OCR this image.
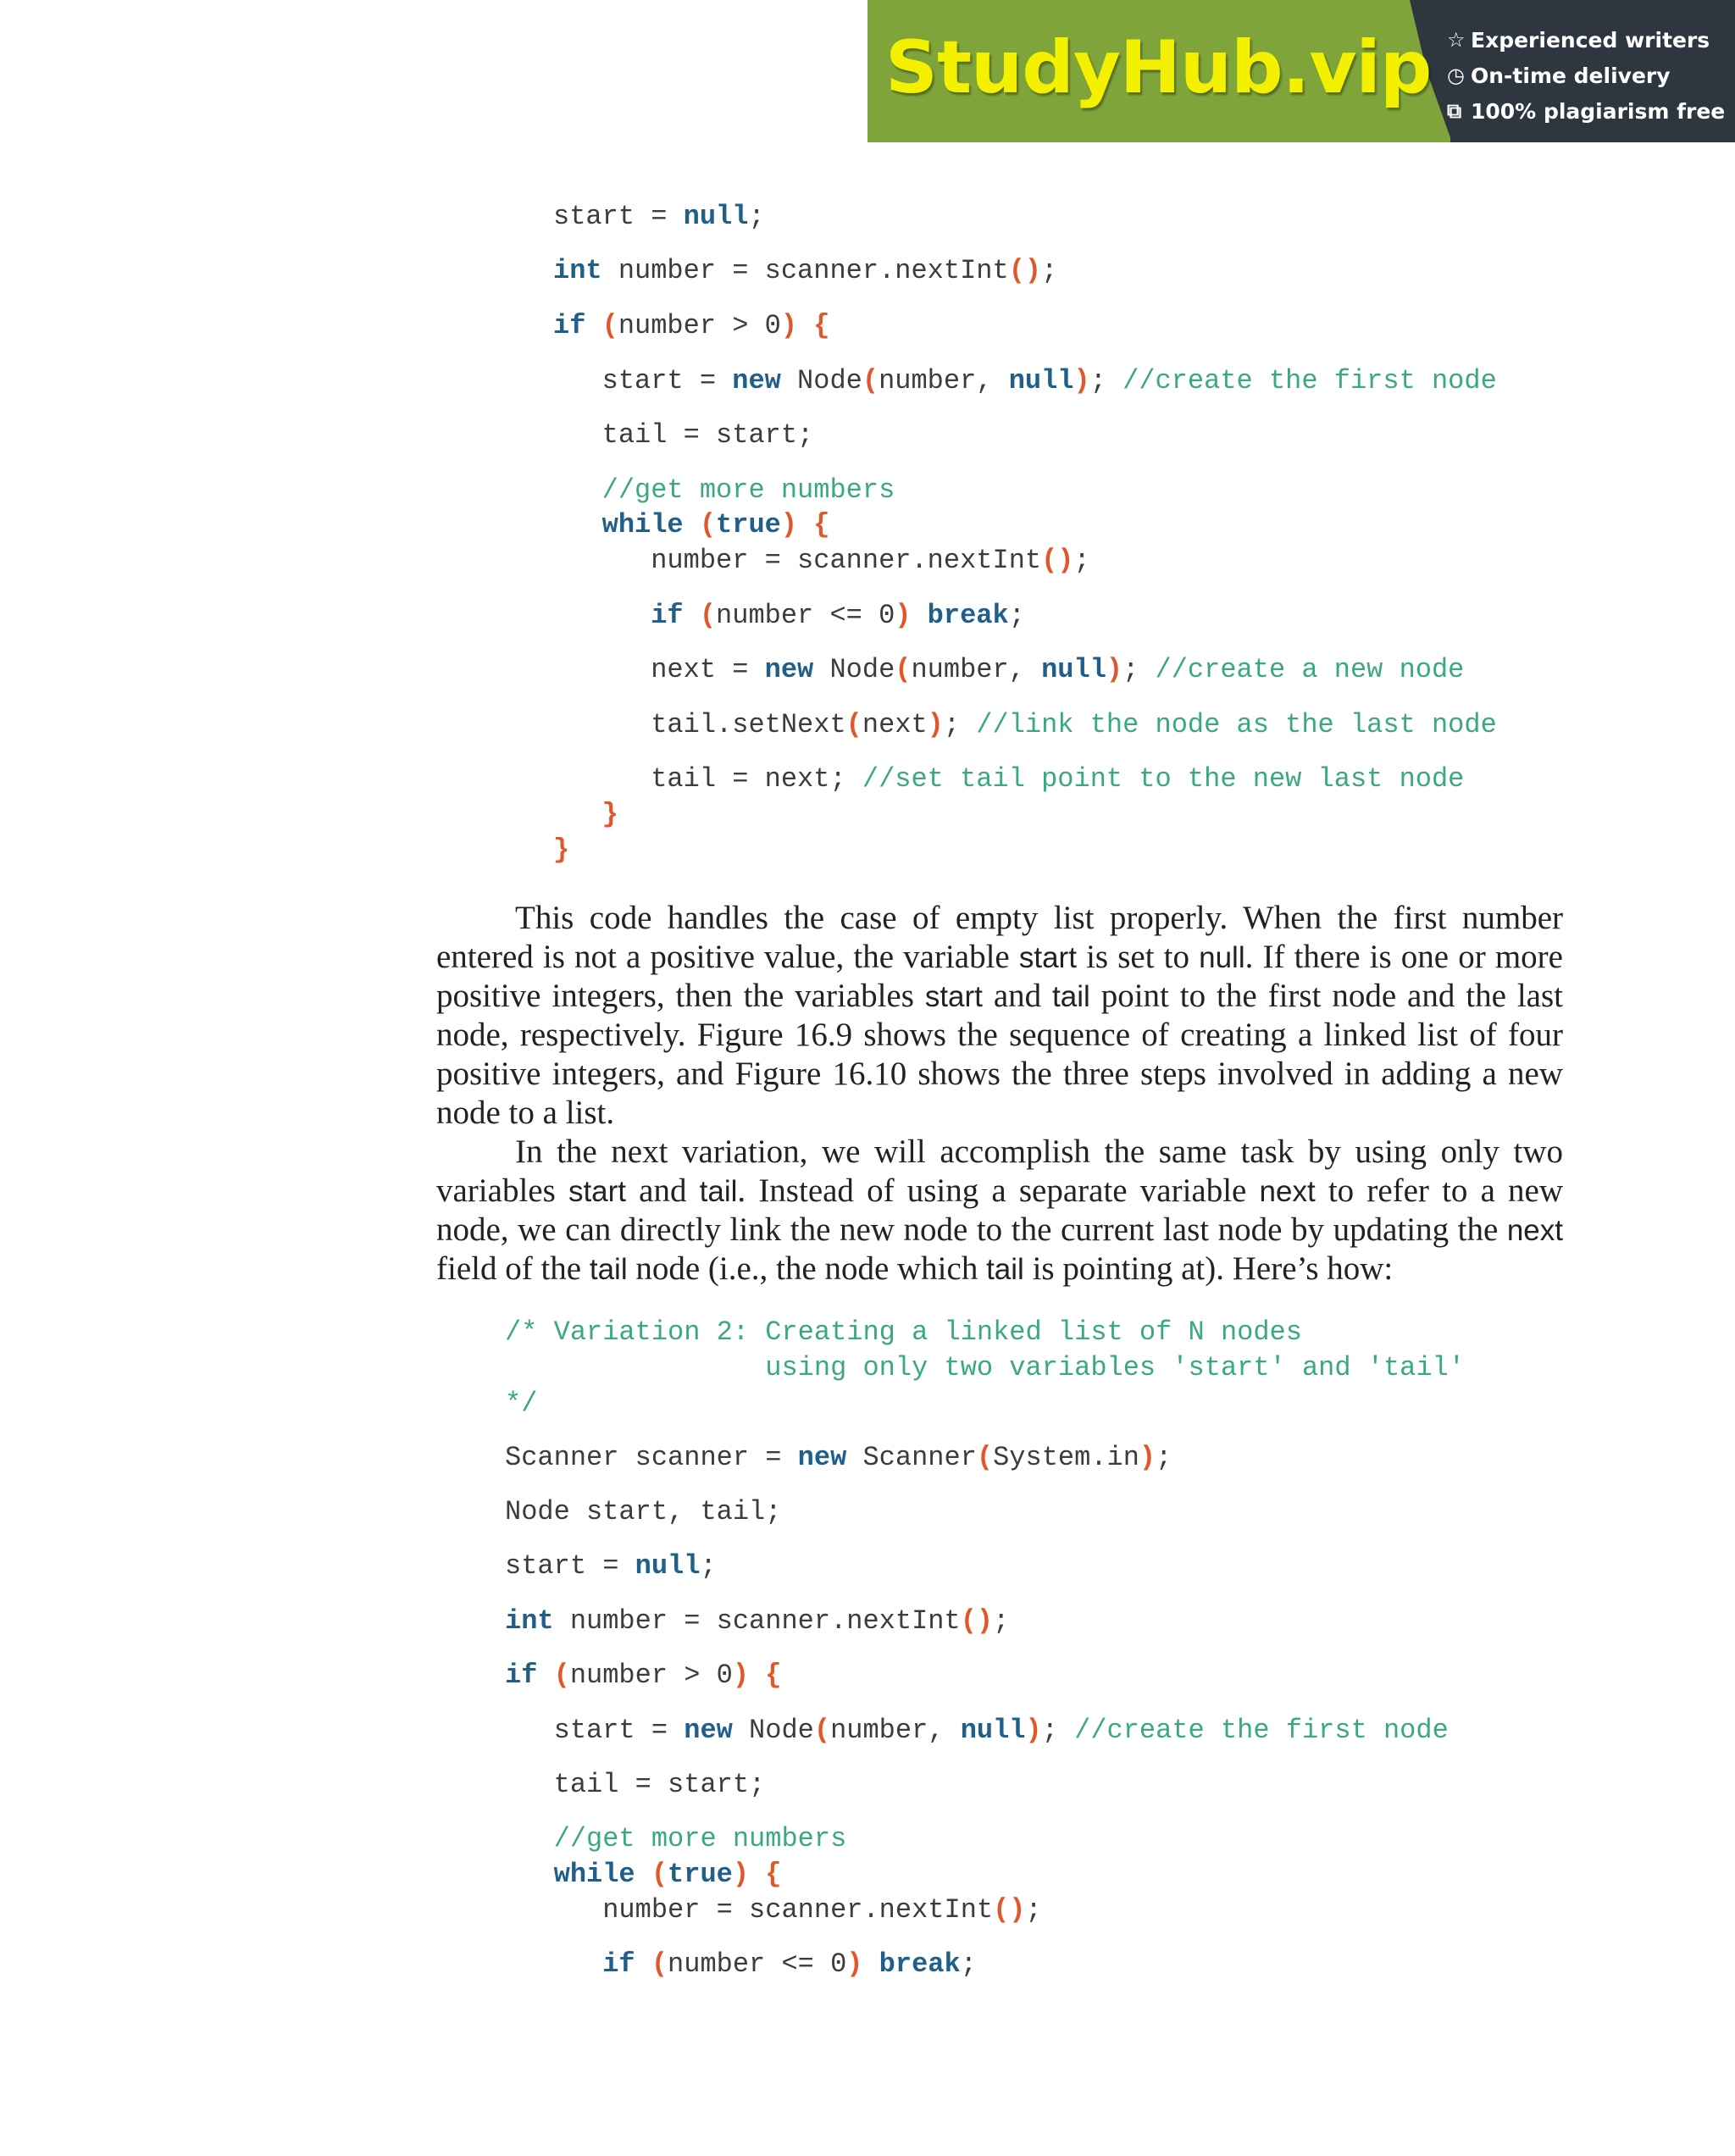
StudyHub.vip ☆ Experienced writers
◷ On-time delivery
⧉ 100% plagiarism free
start = null;
int number = scanner.nextInt();
if (number > 0) {
start = new Node(number, null); //create the first node
tail = start;
//get more numbers
while (true) {
number = scanner.nextInt();
if (number <= 0) break;
next = new Node(number, null); //create a new node
tail.setNext(next); //link the node as the last node
tail = next; //set tail point to the new last node
}
}
This code handles the case of empty list properly. When the first number
entered is not a positive value, the variable start is set to null. If there is one or more
positive integers, then the variables start and tail point to the first node and the last
node, respectively. Figure 16.9 shows the sequence of creating a linked list of four
positive integers, and Figure 16.10 shows the three steps involved in adding a new
node to a list.
In the next variation, we will accomplish the same task by using only two
variables start and tail. Instead of using a separate variable next to refer to a new
node, we can directly link the new node to the current last node by updating the next
field of the tail node (i.e., the node which tail is pointing at). Here’s how:
/* Variation 2: Creating a linked list of N nodes
using only two variables 'start' and 'tail'
*/
Scanner scanner = new Scanner(System.in);
Node start, tail;
start = null;
int number = scanner.nextInt();
if (number > 0) {
start = new Node(number, null); //create the first node
tail = start;
//get more numbers
while (true) {
number = scanner.nextInt();
if (number <= 0) break;
